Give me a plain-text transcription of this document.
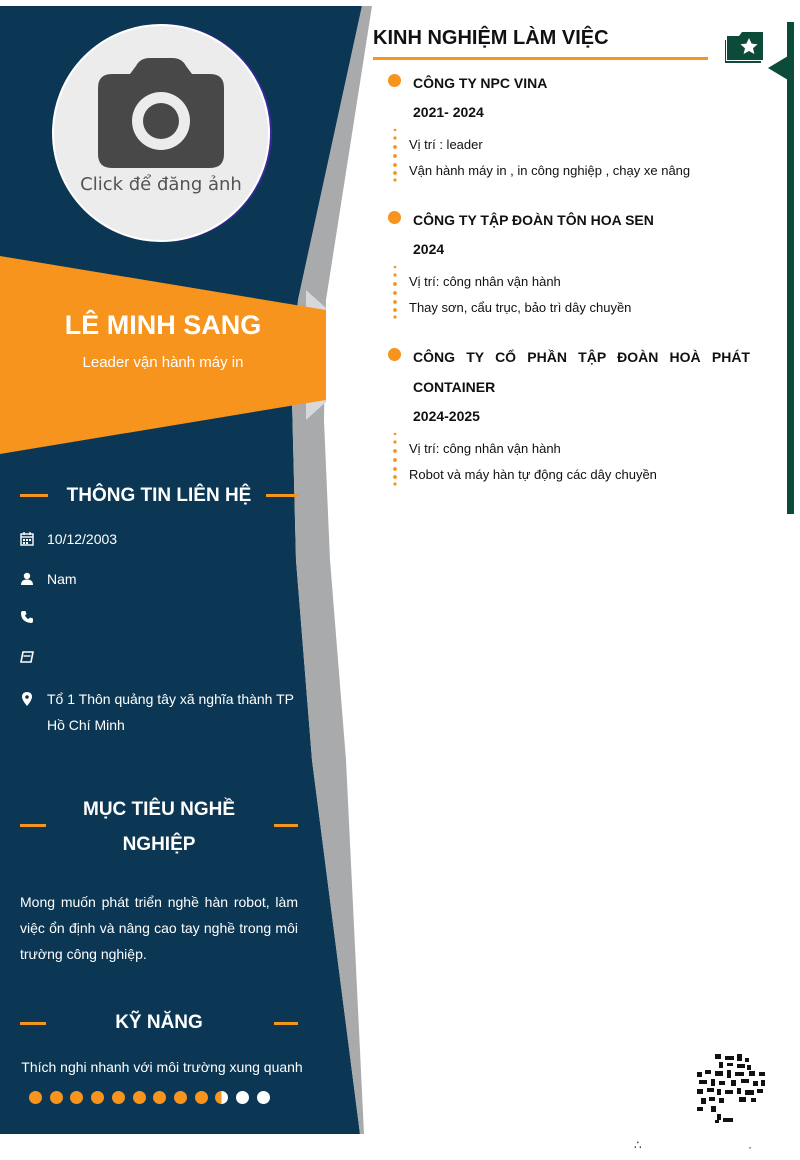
Click để đăng ảnh
LÊ MINH SANG
Leader vận hành máy in
THÔNG TIN LIÊN HỆ
10/12/2003
Nam
Tổ 1 Thôn quảng tây xã nghĩa thành TP Hồ Chí Minh
MỤC TIÊU NGHỀ NGHIỆP
Mong muốn phát triển nghề hàn robot, làm việc ổn định và nâng cao tay nghề trong môi trường công nghiệp.
KỸ NĂNG
Thích nghi nhanh với môi trường xung quanh
KINH NGHIỆM LÀM VIỆC
CÔNG TY NPC VINA
2021- 2024
Vị trí : leader
Vận hành máy in , in công nghiệp , chạy xe nâng
CÔNG TY TẬP ĐOÀN TÔN HOA SEN
2024
Vị trí: công nhân vận hành
Thay sơn, cẩu trục, bảo trì dây chuyền
CÔNG TY CỔ PHẦN TẬP ĐOÀN HOÀ PHÁT CONTAINER
2024-2025
Vị trí: công nhân vận hành
Robot và máy hàn tự động các dây chuyền
∴	·
